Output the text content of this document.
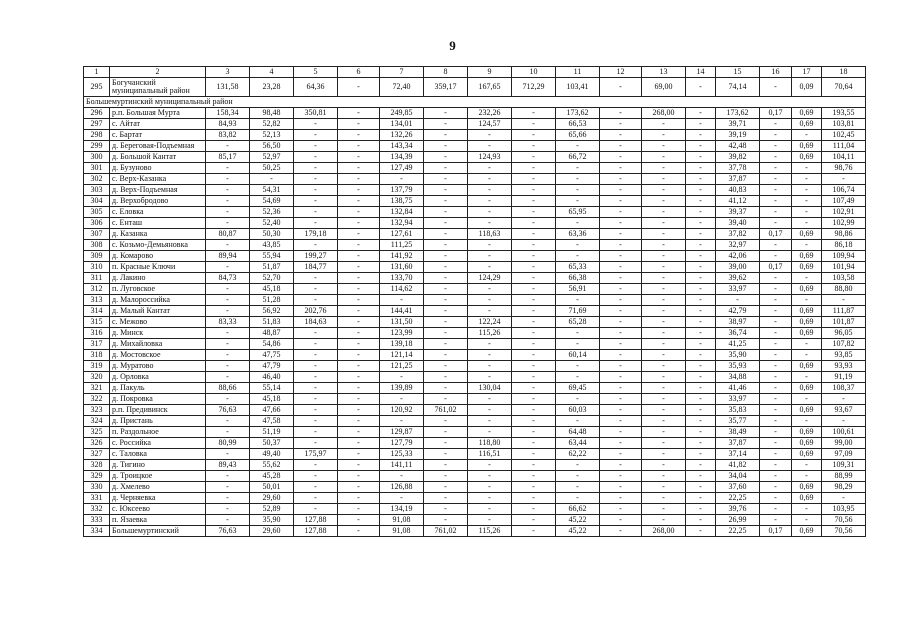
9
1	2	3	4	5	6	7	8	9	10	11	12	13	14	15	16	17	18
295	Богучанский муниципальный район	131,58	23,28	64,36	-	72,40	359,17	167,65	712,29	103,41	-	69,00	-	74,14	-	0,09	70,64
Большемуртинский муниципальный район																	
296	р.п. Большая Мурта	158,34	98,48	350,81	-	249,85	-	232,26	-	173,62	-	268,00	-	173,62	0,17	0,69	193,55
297	с. Айтат	84,93	52,82	-	-	134,01	-	124,57	-	66,53	-	-	-	39,71	-	0,69	103,81
298	с. Бартат	83,82	52,13	-	-	132,26	-	-	-	65,66	-	-	-	39,19	-	-	102,45
299	д. Береговая-Подъемная	-	56,50	-	-	143,34	-	-	-	-	-	-	-	42,48	-	0,69	111,04
300	д. Большой Кантат	85,17	52,97	-	-	134,39	-	124,93	-	66,72	-	-	-	39,82	-	0,69	104,11
301	д. Бузуново	-	50,25	-	-	127,49	-	-	-	-	-	-	-	37,78	-	-	98,76
302	с. Верх-Казанка	-	-	-	-	-	-	-	-	-	-	-	-	37,87	-	-	-
303	д. Верх-Подъемная	-	54,31	-	-	137,79	-	-	-	-	-	-	-	40,83	-	-	106,74
304	д. Верхобродово	-	54,69	-	-	138,75	-	-	-	-	-	-	-	41,12	-	-	107,49
305	с. Еловка	-	52,36	-	-	132,84	-	-	-	65,95	-	-	-	39,37	-	-	102,91
306	с. Енташ	-	52,40	-	-	132,94	-	-	-	-	-	-	-	39,40	-	-	102,99
307	д. Казанка	80,87	50,30	179,18	-	127,61	-	118,63	-	63,36	-	-	-	37,82	0,17	0,69	98,86
308	с. Козьмо-Демьяновка	-	43,85	-	-	111,25	-	-	-	-	-	-	-	32,97	-	-	86,18
309	д. Комарово	89,94	55,94	199,27	-	141,92	-	-	-	-	-	-	-	42,06	-	0,69	109,94
310	п. Красные Ключи	-	51,87	184,77	-	131,60	-	-	-	65,33	-	-	-	39,00	0,17	0,69	101,94
311	д. Лакино	84,73	52,70	-	-	133,70	-	124,29	-	66,38	-	-	-	39,62	-	-	103,58
312	п. Луговское	-	45,18	-	-	114,62	-	-	-	56,91	-	-	-	33,97	-	0,69	88,80
313	д. Малороссийка	-	51,28	-	-	-	-	-	-	-	-	-	-	-	-	-	-
314	д. Малый Кантат	-	56,92	202,76	-	144,41	-	-	-	71,69	-	-	-	42,79	-	0,69	111,87
315	с. Межово	83,33	51,83	184,63	-	131,50	-	122,24	-	65,28	-	-	-	38,97	-	0,69	101,87
316	д. Минск	-	48,87	-	-	123,99	-	115,26	-	-	-	-	-	36,74	-	0,69	96,05
317	д. Михайловка	-	54,86	-	-	139,18	-	-	-	-	-	-	-	41,25	-	-	107,82
318	д. Мостовское	-	47,75	-	-	121,14	-	-	-	60,14	-	-	-	35,90	-	-	93,85
319	д. Муратово	-	47,79	-	-	121,25	-	-	-	-	-	-	-	35,93	-	0,69	93,93
320	д. Орловка	-	46,40	-	-	-	-	-	-	-	-	-	-	34,88	-	-	91,19
321	д. Пакуль	88,66	55,14	-	-	139,89	-	130,04	-	69,45	-	-	-	41,46	-	0,69	108,37
322	д. Покровка	-	45,18	-	-	-	-	-	-	-	-	-	-	33,97	-	-	-
323	р.п. Предивинск	76,63	47,66	-	-	120,92	761,02	-	-	60,03	-	-	-	35,83	-	0,69	93,67
324	д. Пристань	-	47,58	-	-	-	-	-	-	-	-	-	-	35,77	-	-	-
325	п. Раздольное	-	51,19	-	-	129,87	-	-	-	64,48	-	-	-	38,49	-	0,69	100,61
326	с. Российка	80,99	50,37	-	-	127,79	-	118,80	-	63,44	-	-	-	37,87	-	0,69	99,00
327	с. Таловка	-	49,40	175,97	-	125,33	-	116,51	-	62,22	-	-	-	37,14	-	0,69	97,09
328	д. Тигино	89,43	55,62	-	-	141,11	-	-	-	-	-	-	-	41,82	-	-	109,31
329	д. Троицкое	-	45,28	-	-	-	-	-	-	-	-	-	-	34,04	-	-	88,99
330	д. Хмелево	-	50,01	-	-	126,88	-	-	-	-	-	-	-	37,60	-	0,69	98,29
331	д. Черняевка	-	29,60	-	-	-	-	-	-	-	-	-	-	22,25	-	0,69	-
332	с. Юксеево	-	52,89	-	-	134,19	-	-	-	66,62	-	-	-	39,76	-	-	103,95
333	п. Язаевка	-	35,90	127,88	-	91,08	-	-	-	45,22	-	-	-	26,99	-	-	70,56
334	Большемуртинский	76,63	29,60	127,88	-	91,08	761,02	115,26	-	45,22	-	268,00	-	22,25	0,17	0,69	70,56
